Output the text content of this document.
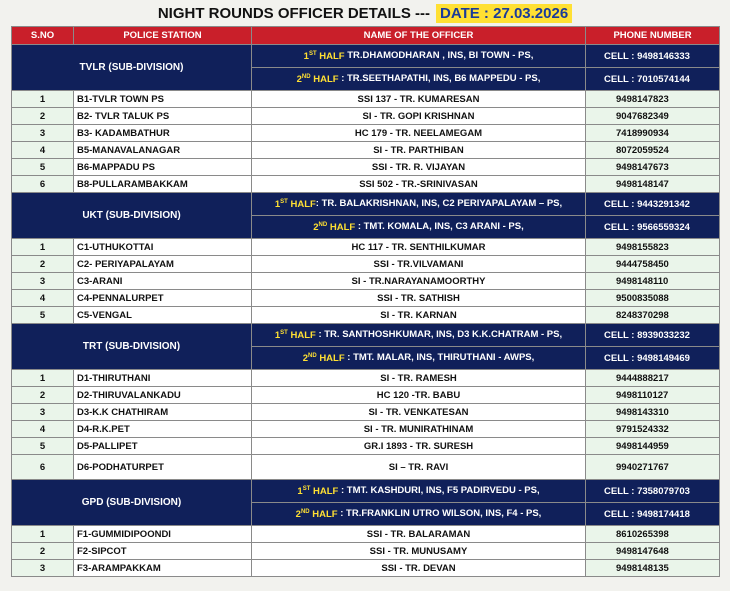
NIGHT ROUNDS OFFICER DETAILS --- DATE : 27.03.2026
S.NO	POLICE STATION	NAME OF THE OFFICER	PHONE NUMBER
TVLR (SUB-DIVISION)		1ST HALF TR.DHAMODHARAN , INS, BI TOWN - PS,	CELL : 9498146333
		2ND HALF : TR.SEETHAPATHI, INS, B6 MAPPEDU - PS,	CELL : 7010574144
1	B1-TVLR TOWN PS	SSI 137 - TR. KUMARESAN	9498147823
2	B2- TVLR TALUK PS	SI - TR. GOPI KRISHNAN	9047682349
3	B3- KADAMBATHUR	HC 179 - TR. NEELAMEGAM	7418990934
4	B5-MANAVALANAGAR	SI - TR. PARTHIBAN	8072059524
5	B6-MAPPADU PS	SSI - TR. R. VIJAYAN	9498147673
6	B8-PULLARAMBAKKAM	SSI 502 - TR.-SRINIVASAN	9498148147
UKT (SUB-DIVISION)		1ST HALF: TR. BALAKRISHNAN, INS, C2 PERIYAPALAYAM – PS,	CELL : 9443291342
		2ND HALF : TMT. KOMALA, INS, C3 ARANI - PS,	CELL : 9566559324
1	C1-UTHUKOTTAI	HC 117 - TR. SENTHILKUMAR	9498155823
2	C2- PERIYAPALAYAM	SSI - TR.VILVAMANI	9444758450
3	C3-ARANI	SI - TR.NARAYANAMOORTHY	9498148110
4	C4-PENNALURPET	SSI - TR. SATHISH	9500835088
5	C5-VENGAL	SI - TR. KARNAN	8248370298
TRT (SUB-DIVISION)		1ST HALF : TR. SANTHOSHKUMAR, INS, D3 K.K.CHATRAM - PS,	CELL : 8939033232
		2ND HALF : TMT. MALAR, INS, THIRUTHANI - AWPS,	CELL : 9498149469
1	D1-THIRUTHANI	SI - TR. RAMESH	9444888217
2	D2-THIRUVALANKADU	HC 120 -TR. BABU	9498110127
3	D3-K.K CHATHIRAM	SI - TR. VENKATESAN	9498143310
4	D4-R.K.PET	SI - TR. MUNIRATHINAM	9791524332
5	D5-PALLIPET	GR.I 1893 - TR. SURESH	9498144959
6	D6-PODHATURPET	SI – TR. RAVI	9940271767
GPD (SUB-DIVISION)		1ST HALF : TMT. KASHDURI, INS, F5 PADIRVEDU - PS,	CELL : 7358079703
		2ND HALF : TR.FRANKLIN UTRO WILSON, INS, F4 - PS,	CELL : 9498174418
1	F1-GUMMIDIPOONDI	SSI - TR. BALARAMAN	8610265398
2	F2-SIPCOT	SSI - TR. MUNUSAMY	9498147648
3	F3-ARAMPAKKAM	SSI - TR. DEVAN	9498148135
